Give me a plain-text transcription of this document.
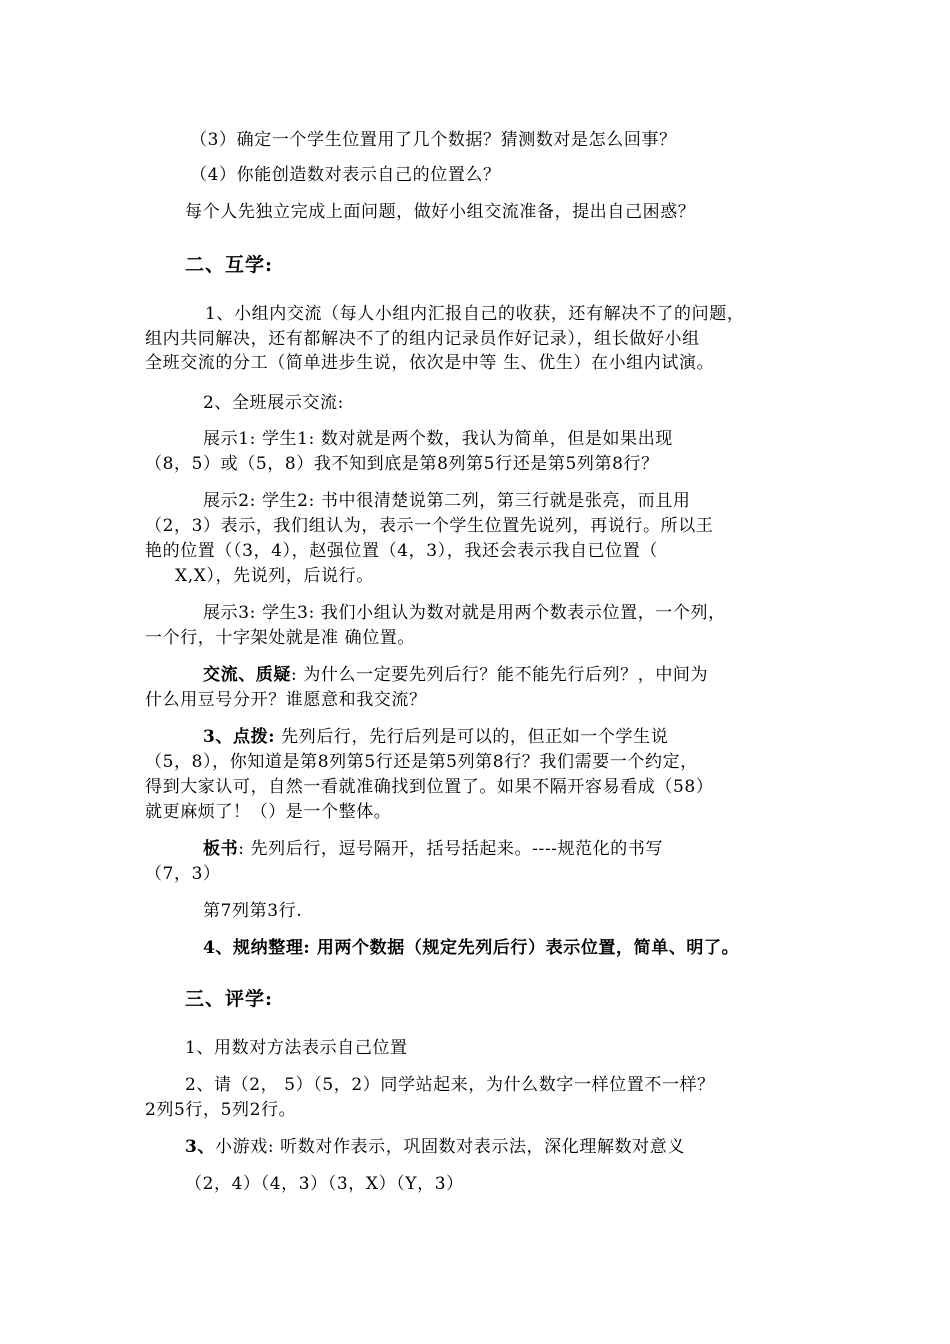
（3）确定一个学生位置用了几个数据？猜测数对是怎么回事？
（4）你能创造数对表示自己的位置么？
每个人先独立完成上面问题，做好小组交流准备，提出自己困惑？
二、互学:
1、小组内交流（每人小组内汇报自己的收获，还有解决不了的问题，
组内共同解决，还有都解决不了的组内记录员作好记录），组长做好小组
全班交流的分工（简单进步生说，依次是中等 生、优生）在小组内试演。
2、全班展示交流:
展示1: 学生1: 数对就是两个数，我认为简单，但是如果出现
（8，5）或（5，8）我不知到底是第8列第5行还是第5列第8行？
展示2: 学生2: 书中很清楚说第二列，第三行就是张亮，而且用
（2，3）表示，我们组认为，表示一个学生位置先说列，再说行。所以王
艳的位置（（3，4），赵强位置（4，3），我还会表示我自已位置（
X,X），先说列，后说行。
展示3: 学生3: 我们小组认为数对就是用两个数表示位置，一个列，
一个行，十字架处就是准 确位置。
交流、质疑: 为什么一定要先列后行？能不能先行后列？，中间为
什么用豆号分开？谁愿意和我交流？
3、点拨: 先列后行，先行后列是可以的，但正如一个学生说
（5，8），你知道是第8列第5行还是第5列第8行？我们需要一个约定，
得到大家认可，自然一看就准确找到位置了。如果不隔开容易看成（58）
就更麻烦了！（）是一个整体。
板书: 先列后行，逗号隔开，括号括起来。----规范化的书写
（7，3）
第7列第3行.
4、规纳整理: 用两个数据（规定先列后行）表示位置，简单、明了。
三、评学:
1、用数对方法表示自己位置
2、请（2， 5）（5，2）同学站起来，为什么数字一样位置不一样？
2列5行，5列2行。
3、小游戏: 听数对作表示，巩固数对表示法，深化理解数对意义
（2，4）（4，3）（3，X）（Y，3）
